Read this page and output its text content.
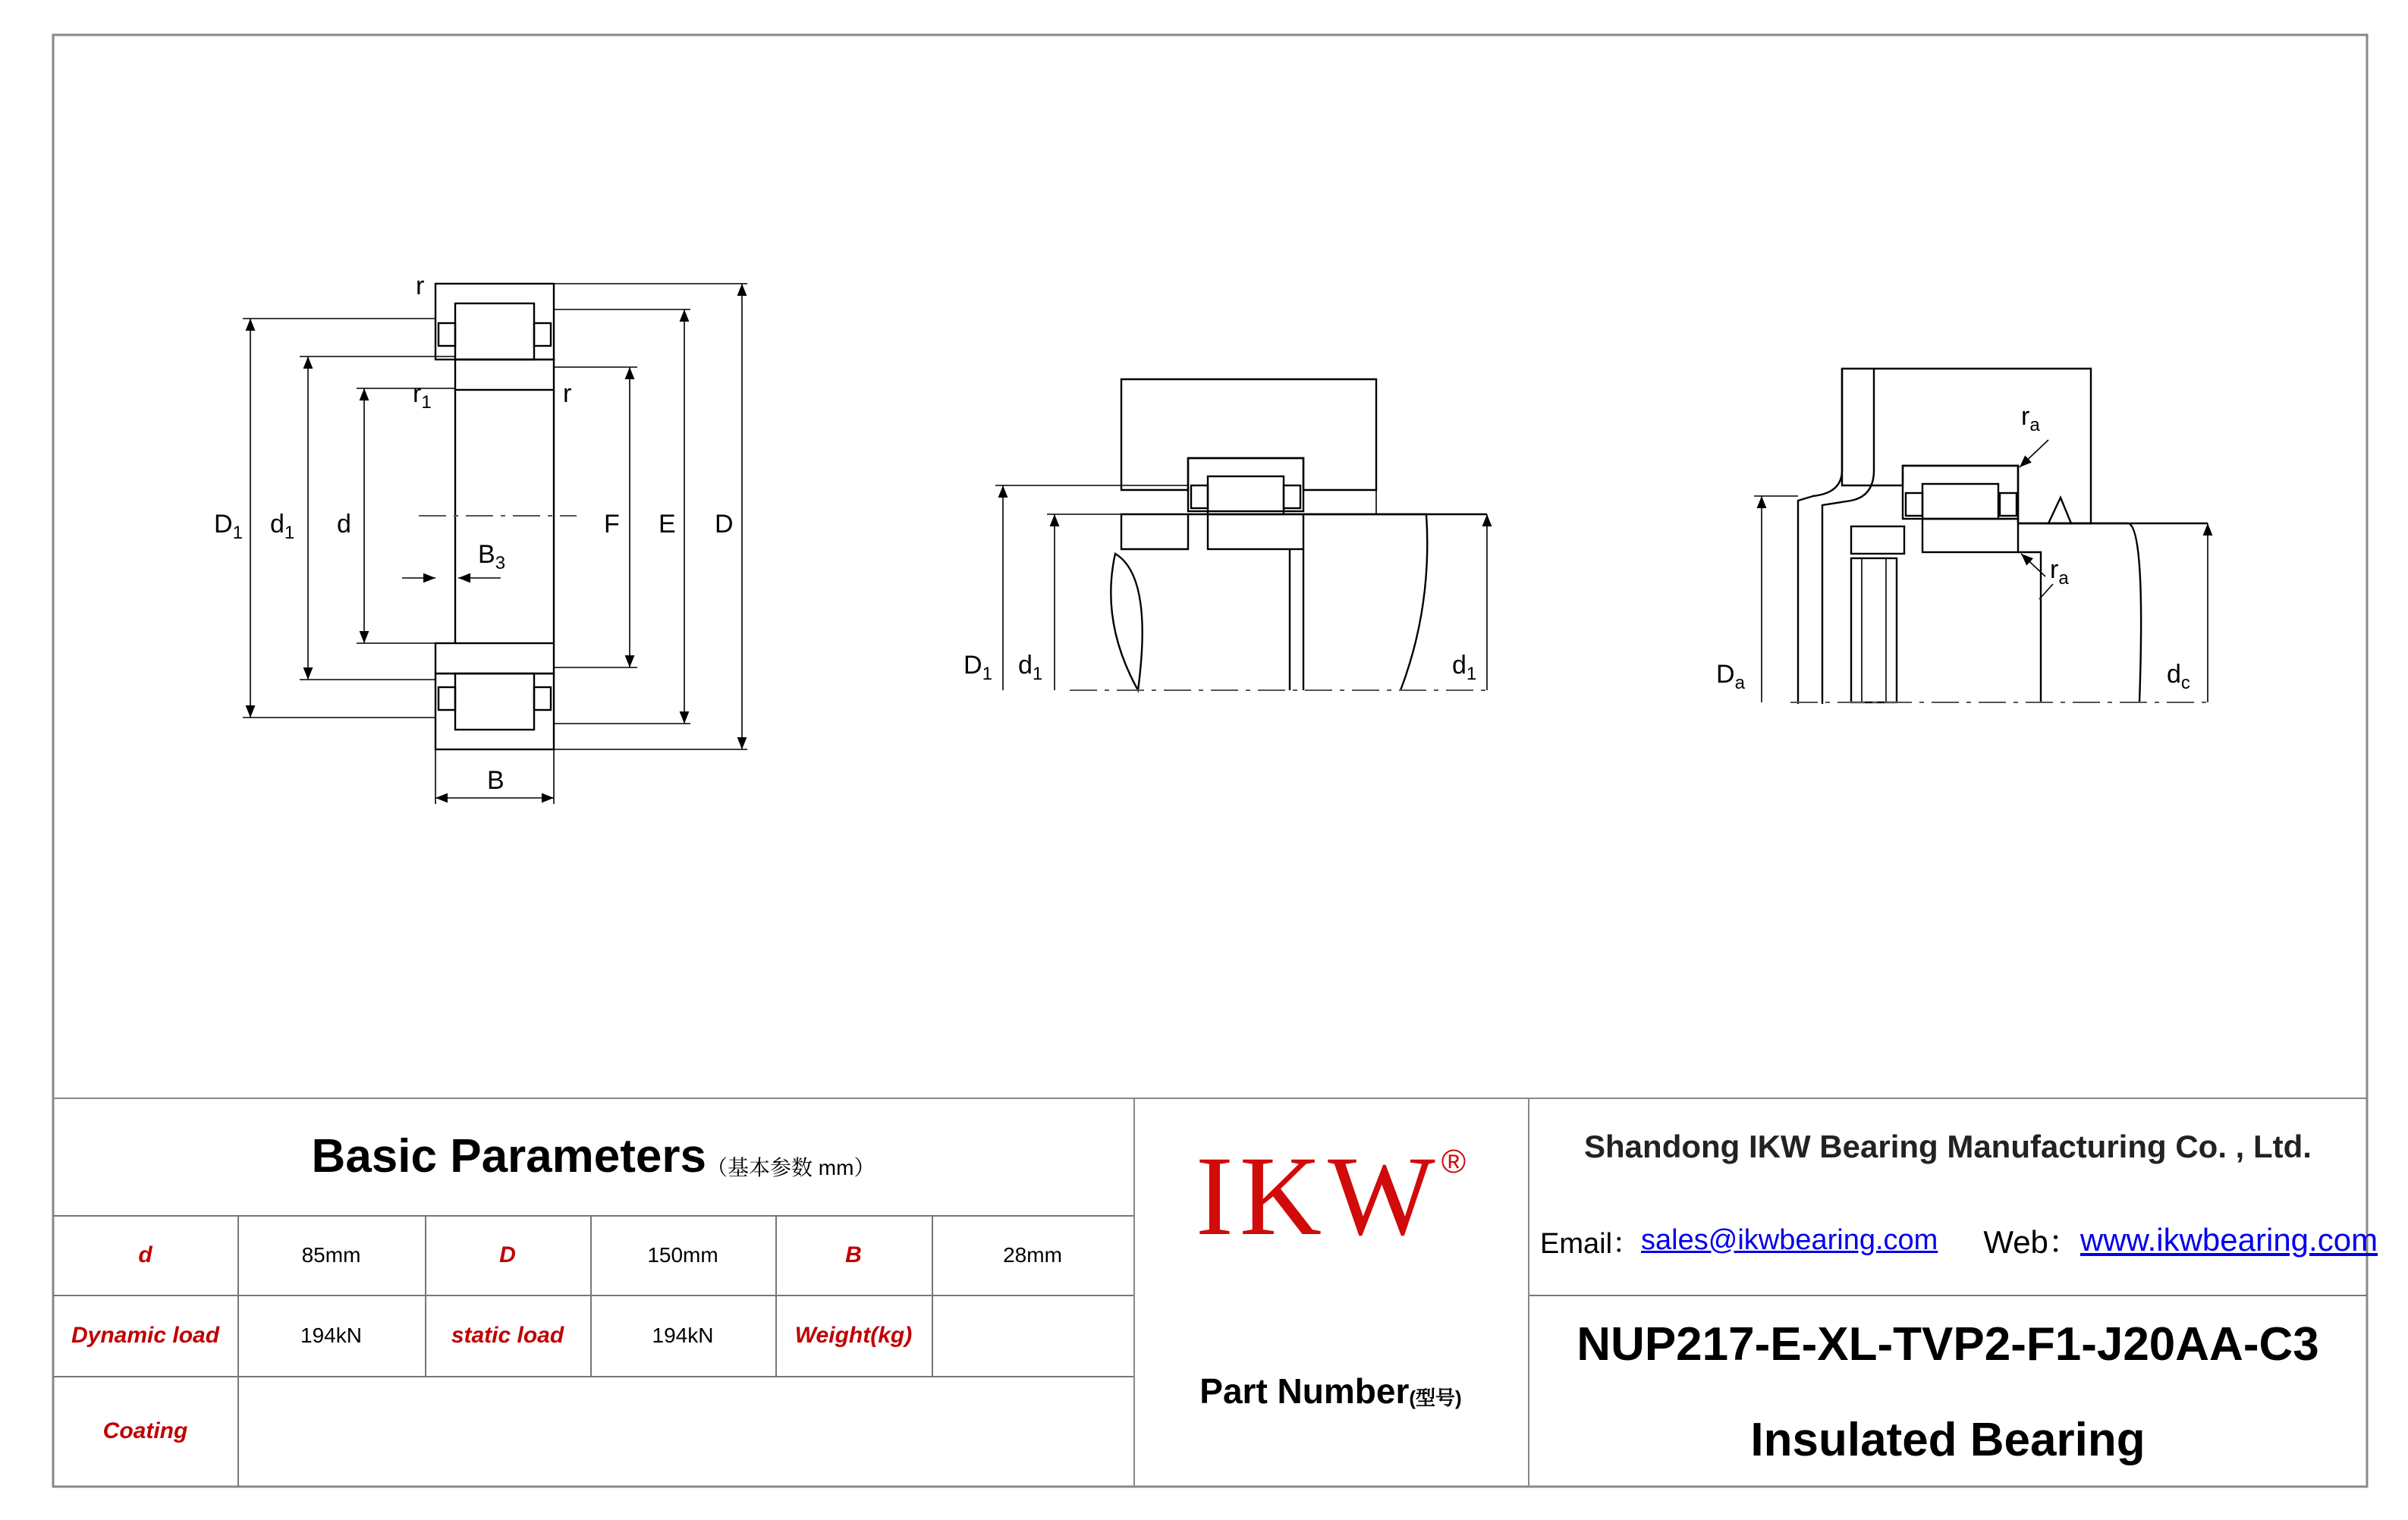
r
$r_1$	r
$D_1$ $d_1$ d
$B_3$
F E D
B
$D_1$ $d_1$	$d_1$
$r_a$
$r_a$
$D_a$	$d_c$
Basic Parameters （基本参数 mm）
d	85mm	D	150mm	B	28mm
Dynamic load	194kN	static load	194kN	Weight(kg)
Coating
IKW ®
Part Number (型号)
Shandong IKW Bearing Manufacturing Co. , Ltd.
Email： sales@ikwbearing.com Web： www.ikwbearing.com
NUP217-E-XL-TVP2-F1-J20AA-C3
Insulated Bearing
